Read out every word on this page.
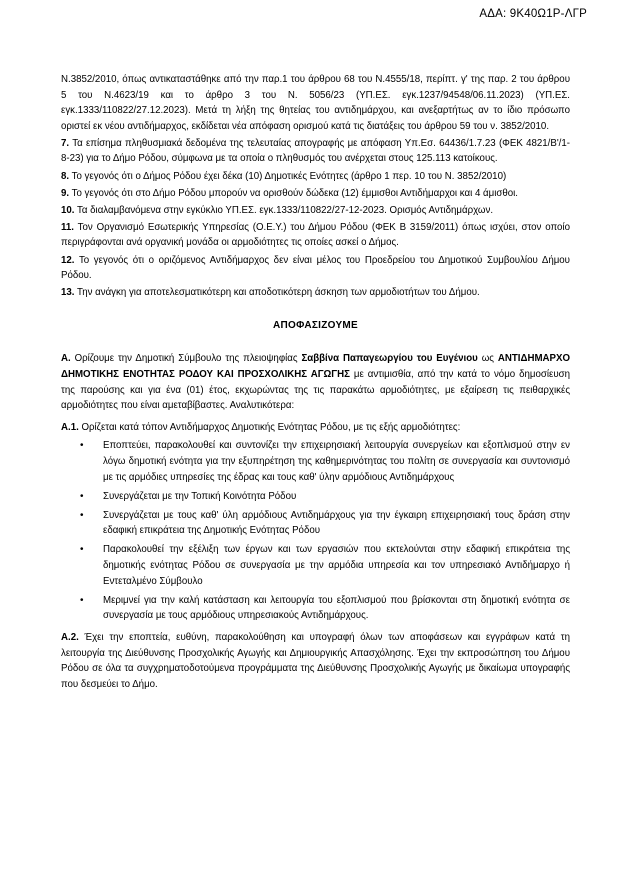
ΑΔΑ: 9Κ40Ω1Ρ-ΛΓΡ

Ν.3852/2010, όπως αντικαταστάθηκε από την παρ.1 του άρθρου 68 του Ν.4555/18, περίπτ. γ' της παρ. 2 του άρθρου 5 του Ν.4623/19 και το άρθρο 3 του Ν. 5056/23 (ΥΠ.ΕΣ. εγκ.1237/94548/06.11.2023) (ΥΠ.ΕΣ. εγκ.1333/110822/27.12.2023). Μετά τη λήξη της θητείας του αντιδημάρχου, και ανεξαρτήτως αν το ίδιο πρόσωπο οριστεί εκ νέου αντιδήμαρχος, εκδίδεται νέα απόφαση ορισμού κατά τις διατάξεις του άρθρου 59 του ν. 3852/2010.

7. Τα επίσημα πληθυσμιακά δεδομένα της τελευταίας απογραφής με απόφαση Υπ.Εσ. 64436/1.7.23 (ΦΕΚ 4821/Β'/1-8-23) για το Δήμο Ρόδου, σύμφωνα με τα οποία ο πληθυσμός του ανέρχεται στους 125.113 κατοίκους.

8. Το γεγονός ότι ο Δήμος Ρόδου έχει δέκα (10) Δημοτικές Ενότητες (άρθρο 1 περ. 10 του Ν. 3852/2010)

9. Το γεγονός ότι στο Δήμο Ρόδου μπορούν να ορισθούν δώδεκα (12) έμμισθοι Αντιδήμαρχοι και 4 άμισθοι.

10. Τα διαλαμβανόμενα στην εγκύκλιο ΥΠ.ΕΣ. εγκ.1333/110822/27-12-2023. Ορισμός Αντιδημάρχων.

11. Τον Οργανισμό Εσωτερικής Υπηρεσίας (Ο.Ε.Υ.) του Δήμου Ρόδου (ΦΕΚ Β 3159/2011) όπως ισχύει, στον οποίο περιγράφονται ανά οργανική μονάδα οι αρμοδιότητες τις οποίες ασκεί ο Δήμος.

12. Το γεγονός ότι ο οριζόμενος Αντιδήμαρχος δεν είναι μέλος του Προεδρείου του Δημοτικού Συμβουλίου Δήμου Ρόδου.

13. Την ανάγκη για αποτελεσματικότερη και αποδοτικότερη άσκηση των αρμοδιοτήτων του Δήμου.

ΑΠΟΦΑΣΙΖΟΥΜΕ

Α. Ορίζουμε την Δημοτική Σύμβουλο της πλειοψηφίας Σαββίνα Παπαγεωργίου του Ευγένιου ως ΑΝΤΙΔΗΜΑΡΧΟ ΔΗΜΟΤΙΚΗΣ ΕΝΟΤΗΤΑΣ ΡΟΔΟΥ ΚΑΙ ΠΡΟΣΧΟΛΙΚΗΣ ΑΓΩΓΗΣ με αντιμισθία, από την κατά το νόμο δημοσίευση της παρούσης και για ένα (01) έτος, εκχωρώντας της τις παρακάτω αρμοδιότητες, με εξαίρεση τις πειθαρχικές αρμοδιότητες που είναι αμεταβίβαστες. Αναλυτικότερα:

Α.1. Ορίζεται κατά τόπον Αντιδήμαρχος Δημοτικής Ενότητας Ρόδου, με τις εξής αρμοδιότητες:

• Εποπτεύει, παρακολουθεί και συντονίζει την επιχειρησιακή λειτουργία συνεργείων και εξοπλισμού στην εν λόγω δημοτική ενότητα για την εξυπηρέτηση της καθημερινότητας του πολίτη σε συνεργασία και συντονισμό με τις αρμόδιες υπηρεσίες της έδρας και τους καθ' ύλην αρμόδιους Αντιδημάρχους
• Συνεργάζεται με την Τοπική Κοινότητα Ρόδου
• Συνεργάζεται με τους καθ' ύλη αρμόδιους Αντιδημάρχους για την έγκαιρη επιχειρησιακή τους δράση στην εδαφική επικράτεια της Δημοτικής Ενότητας Ρόδου
• Παρακολουθεί την εξέλιξη των έργων και των εργασιών που εκτελούνται στην εδαφική επικράτεια της δημοτικής ενότητας Ρόδου σε συνεργασία με την αρμόδια υπηρεσία και τον υπηρεσιακό Αντιδήμαρχο ή Εντεταλμένο Σύμβουλο
• Μεριμνεί για την καλή κατάσταση και λειτουργία του εξοπλισμού που βρίσκονται στη δημοτική ενότητα σε συνεργασία με τους αρμόδιους υπηρεσιακούς Αντιδημάρχους.

Α.2. Έχει την εποπτεία, ευθύνη, παρακολούθηση και υπογραφή όλων των αποφάσεων και εγγράφων κατά τη λειτουργία της Διεύθυνσης Προσχολικής Αγωγής και Δημιουργικής Απασχόλησης. Έχει την εκπροσώπηση του Δήμου Ρόδου σε όλα τα συγχρηματοδοτούμενα προγράμματα της Διεύθυνσης Προσχολικής Αγωγής με δικαίωμα υπογραφής που δεσμεύει το Δήμο.
